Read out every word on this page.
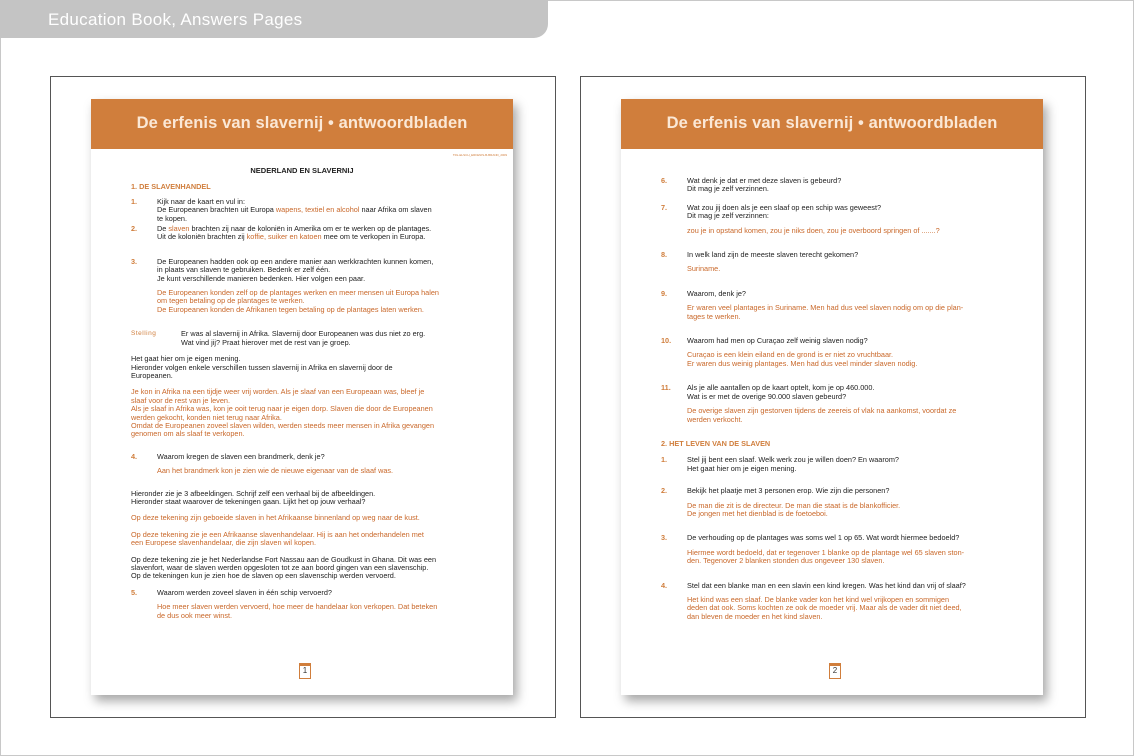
Education Book, Answers Pages
De erfenis van slavernij • antwoordbladen
TRL-ELSCH_ERFENIS-B-BRAND_2009
NEDERLAND EN SLAVERNIJ
1. DE SLAVENHANDEL
1.	Kijk naar de kaart en vul in:
De Europeanen brachten uit Europa wapens, textiel en alcohol naar Afrika om slaven
te kopen.
2.	De slaven brachten zij naar de koloniën in Amerika om er te werken op de plantages.
Uit de koloniën brachten zij koffie, suiker en katoen mee om te verkopen in Europa.
3.	De Europeanen hadden ook op een andere manier aan werkkrachten kunnen komen,
in plaats van slaven te gebruiken. Bedenk er zelf één.
Je kunt verschillende manieren bedenken. Hier volgen een paar.
De Europeanen konden zelf op de plantages werken en meer mensen uit Europa halen
om tegen betaling op de plantages te werken.
De Europeanen konden de Afrikanen tegen betaling op de plantages laten werken.
Stelling	Er was al slavernij in Afrika. Slavernij door Europeanen was dus niet zo erg.
Wat vind jij? Praat hierover met de rest van je groep.
Het gaat hier om je eigen mening.
Hieronder volgen enkele verschillen tussen slavernij in Afrika en slavernij door de
Europeanen.
Je kon in Afrika na een tijdje weer vrij worden. Als je slaaf van een Europeaan was, bleef je
slaaf voor de rest van je leven.
Als je slaaf in Afrika was, kon je ooit terug naar je eigen dorp. Slaven die door de Europeanen
werden gekocht, konden niet terug naar Afrika.
Omdat de Europeanen zoveel slaven wilden, werden steeds meer mensen in Afrika gevangen
genomen om als slaaf te verkopen.
4.	Waarom kregen de slaven een brandmerk, denk je?
Aan het brandmerk kon je zien wie de nieuwe eigenaar van de slaaf was.
Hieronder zie je 3 afbeeldingen. Schrijf zelf een verhaal bij de afbeeldingen.
Hieronder staat waarover de tekeningen gaan. Lijkt het op jouw verhaal?
Op deze tekening zijn geboeide slaven in het Afrikaanse binnenland op weg naar de kust.
Op deze tekening zie je een Afrikaanse slavenhandelaar. Hij is aan het onderhandelen met
een Europese slavenhandelaar, die zijn slaven wil kopen.
Op deze tekening zie je het Nederlandse Fort Nassau aan de Goudkust in Ghana. Dit was een
slavenfort, waar de slaven werden opgesloten tot ze aan boord gingen van een slavenschip.
Op de tekeningen kun je zien hoe de slaven op een slavenschip werden vervoerd.
5.	Waarom werden zoveel slaven in één schip vervoerd?
Hoe meer slaven werden vervoerd, hoe meer de handelaar kon verkopen. Dat beteken
de dus ook meer winst.
1
De erfenis van slavernij • antwoordbladen
6.	Wat denk je dat er met deze slaven is gebeurd?
Dit mag je zelf verzinnen.
7.	Wat zou jij doen als je een slaaf op een schip was geweest?
Dit mag je zelf verzinnen:
zou je in opstand komen, zou je niks doen, zou je overboord springen of .......?
8.	In welk land zijn de meeste slaven terecht gekomen?
Suriname.
9.	Waarom, denk je?
Er waren veel plantages in Suriname. Men had dus veel slaven nodig om op die plan-
tages te werken.
10.	Waarom had men op Curaçao zelf weinig slaven nodig?
Curaçao is een klein eiland en de grond is er niet zo vruchtbaar.
Er waren dus weinig plantages. Men had dus veel minder slaven nodig.
11.	Als je alle aantallen op de kaart optelt, kom je op 460.000.
Wat is er met de overige 90.000 slaven gebeurd?
De overige slaven zijn gestorven tijdens de zeereis of vlak na aankomst, voordat ze
werden verkocht.
2. HET LEVEN VAN DE SLAVEN
1.	Stel jij bent een slaaf. Welk werk zou je willen doen? En waarom?
Het gaat hier om je eigen mening.
2.	Bekijk het plaatje met 3 personen erop. Wie zijn die personen?
De man die zit is de directeur. De man die staat is de blankofficier.
De jongen met het dienblad is de foetoeboi.
3.	De verhouding op de plantages was soms wel 1 op 65. Wat wordt hiermee bedoeld?
Hiermee wordt bedoeld, dat er tegenover 1 blanke op de plantage wel 65 slaven ston-
den. Tegenover 2 blanken stonden dus ongeveer 130 slaven.
4.	Stel dat een blanke man en een slavin een kind kregen. Was het kind dan vrij of slaaf?
Het kind was een slaaf. De blanke vader kon het kind wel vrijkopen en sommigen
deden dat ook. Soms kochten ze ook de moeder vrij. Maar als de vader dit niet deed,
dan bleven de moeder en het kind slaven.
2
